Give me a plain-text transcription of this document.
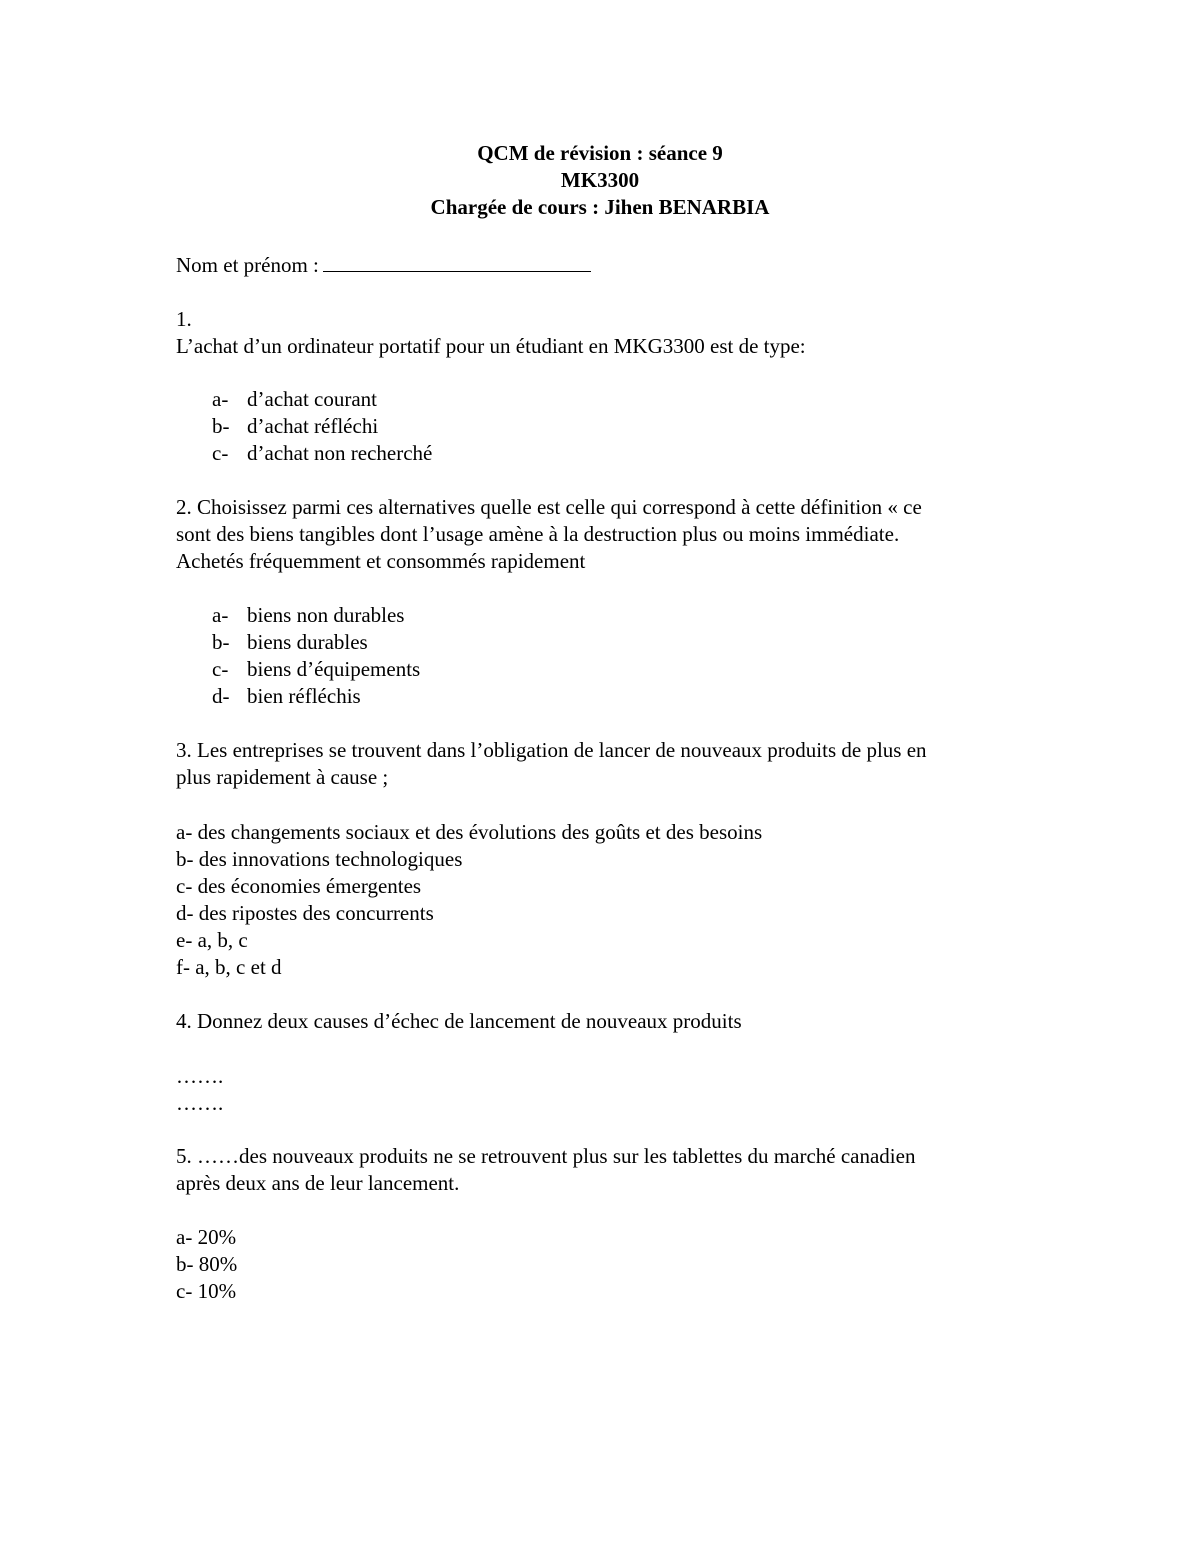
QCM de révision : séance 9
MK3300
Chargée de cours : Jihen BENARBIA
Nom et prénom :
1.
L’achat d’un ordinateur portatif pour un étudiant en MKG3300 est de type:
a- d’achat courant
b- d’achat réfléchi
c- d’achat non recherché
2. Choisissez parmi ces alternatives quelle est celle qui correspond à cette définition « ce
sont des biens tangibles dont l’usage amène à la destruction plus ou moins immédiate.
Achetés fréquemment et consommés rapidement
a- biens non durables
b- biens durables
c- biens d’équipements
d- bien réfléchis
3. Les entreprises se trouvent dans l’obligation de lancer de nouveaux produits de plus en
plus rapidement à cause ;
a- des changements sociaux et des évolutions des goûts et des besoins
b- des innovations technologiques
c- des économies émergentes
d- des ripostes des concurrents
e- a, b, c
f- a, b, c et d
4. Donnez deux causes d’échec de lancement de nouveaux produits
…….
…….
5. ……des nouveaux produits ne se retrouvent plus sur les tablettes du marché canadien
après deux ans de leur lancement.
a- 20%
b- 80%
c- 10%
